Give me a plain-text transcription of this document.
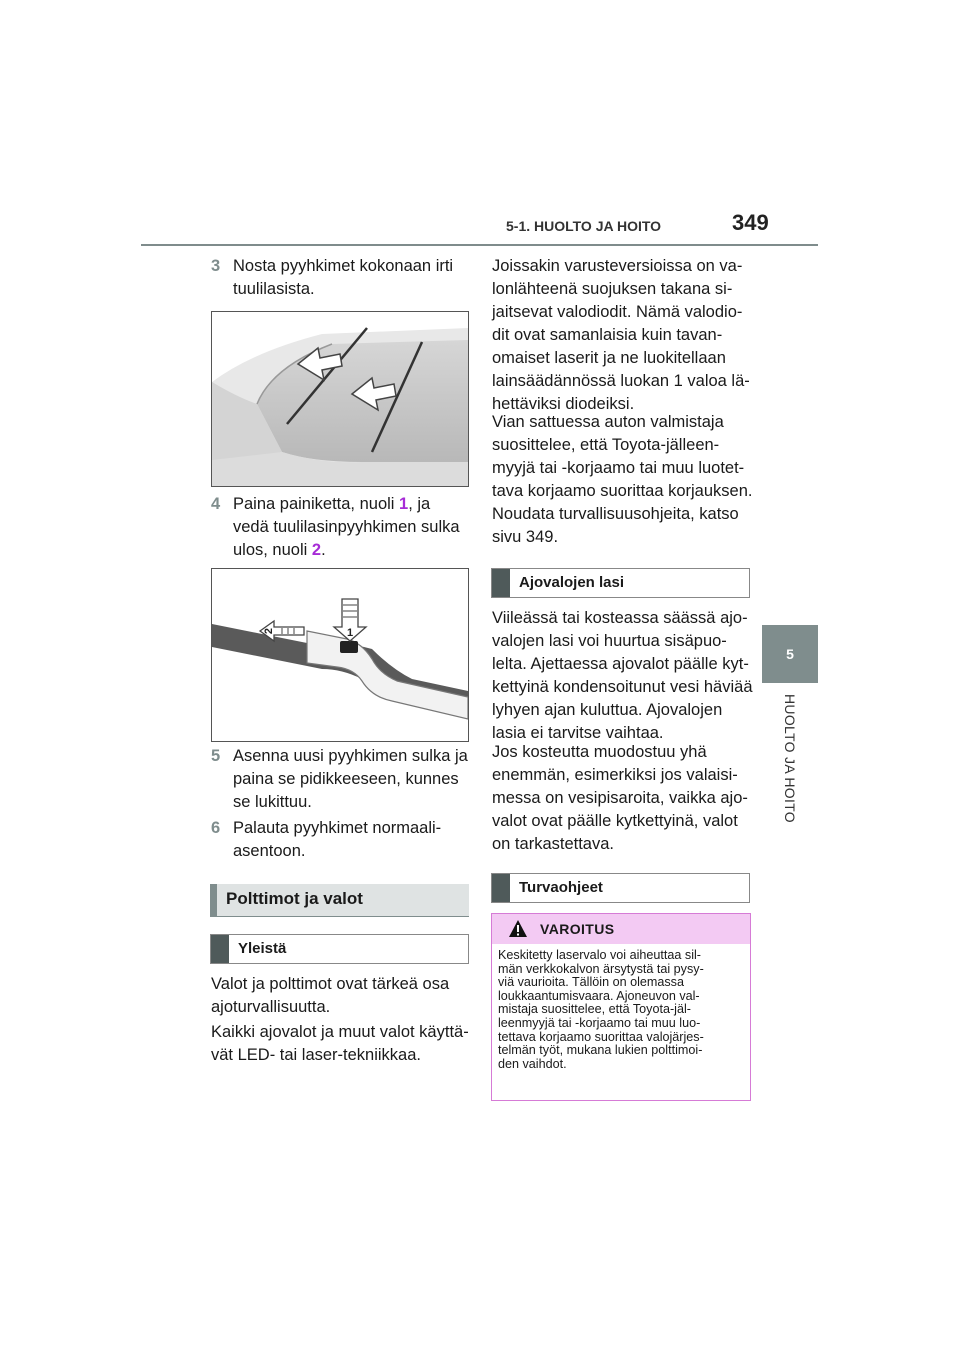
5-1. HUOLTO JA HOITO	349
5
HUOLTO JA HOITO
3 Nosta pyyhkimet kokonaan irti
tuulilasista.
4 Paina painiketta, nuoli 1, ja
vedä tuulilasinpyyhkimen sulka
ulos, nuoli 2.
1
2
5 Asenna uusi pyyhkimen sulka ja
paina se pidikkeeseen, kunnes
se lukittuu.
6 Palauta pyyhkimet normaali-
asentoon.
Polttimot ja valot
Yleistä
Valot ja polttimot ovat tärkeä osa
ajoturvallisuutta.
Kaikki ajovalot ja muut valot käyttä-
vät LED- tai laser-tekniikkaa.
Joissakin varusteversioissa on va-
lonlähteenä suojuksen takana si-
jaitsevat valodiodit. Nämä valodio-
dit ovat samanlaisia kuin tavan-
omaiset laserit ja ne luokitellaan
lainsäädännössä luokan 1 valoa lä-
hettäviksi diodeiksi.
Vian sattuessa auton valmistaja
suosittelee, että Toyota-jälleen-
myyjä tai -korjaamo tai muu luotet-
tava korjaamo suorittaa korjauksen.
Noudata turvallisuusohjeita, katso
sivu 349.
Ajovalojen lasi
Viileässä tai kosteassa säässä ajo-
valojen lasi voi huurtua sisäpuo-
lelta. Ajettaessa ajovalot päälle kyt-
kettyinä kondensoitunut vesi häviää
lyhyen ajan kuluttua. Ajovalojen
lasia ei tarvitse vaihtaa.
Jos kosteutta muodostuu yhä
enemmän, esimerkiksi jos valaisi-
messa on vesipisaroita, vaikka ajo-
valot ovat päälle kytkettyinä, valot
on tarkastettava.
Turvaohjeet
VAROITUS
Keskitetty laservalo voi aiheuttaa sil-
män verkkokalvon ärsytystä tai pysy-
viä vaurioita. Tällöin on olemassa
loukkaantumisvaara. Ajoneuvon val-
mistaja suosittelee, että Toyota-jäl-
leenmyyjä tai -korjaamo tai muu luo-
tettava korjaamo suorittaa valojärjes-
telmän työt, mukana lukien polttimoi-
den vaihdot.
